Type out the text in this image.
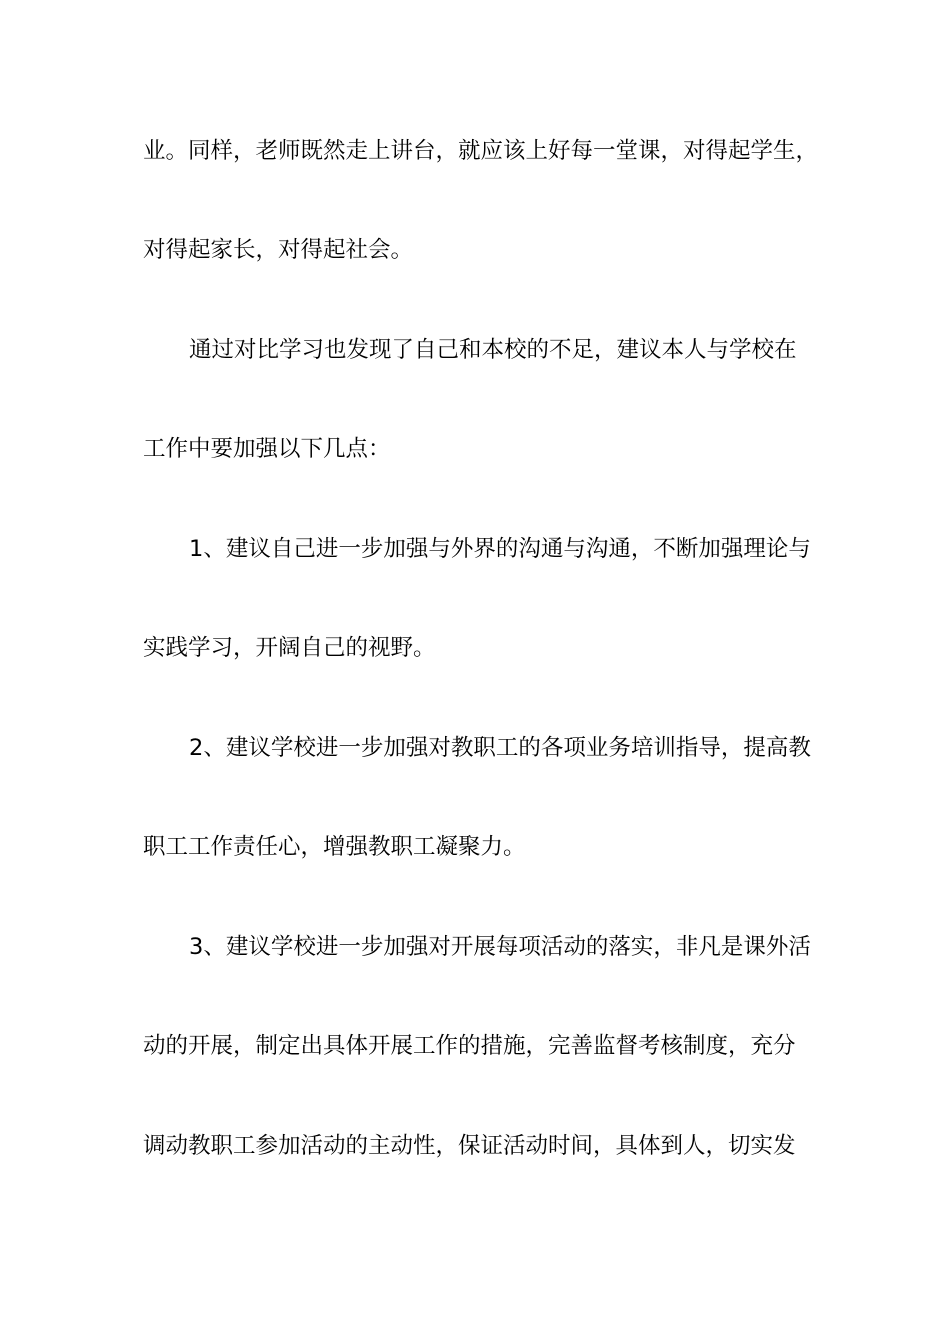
业。同样，老师既然走上讲台，就应该上好每一堂课，对得起学生，
对得起家长，对得起社会。
通过对比学习也发现了自己和本校的不足，建议本人与学校在
工作中要加强以下几点：
1、建议自己进一步加强与外界的沟通与沟通，不断加强理论与
实践学习，开阔自己的视野。
2、建议学校进一步加强对教职工的各项业务培训指导，提高教
职工工作责任心，增强教职工凝聚力。
3、建议学校进一步加强对开展每项活动的落实，非凡是课外活
动的开展，制定出具体开展工作的措施，完善监督考核制度，充分
调动教职工参加活动的主动性，保证活动时间，具体到人，切实发
